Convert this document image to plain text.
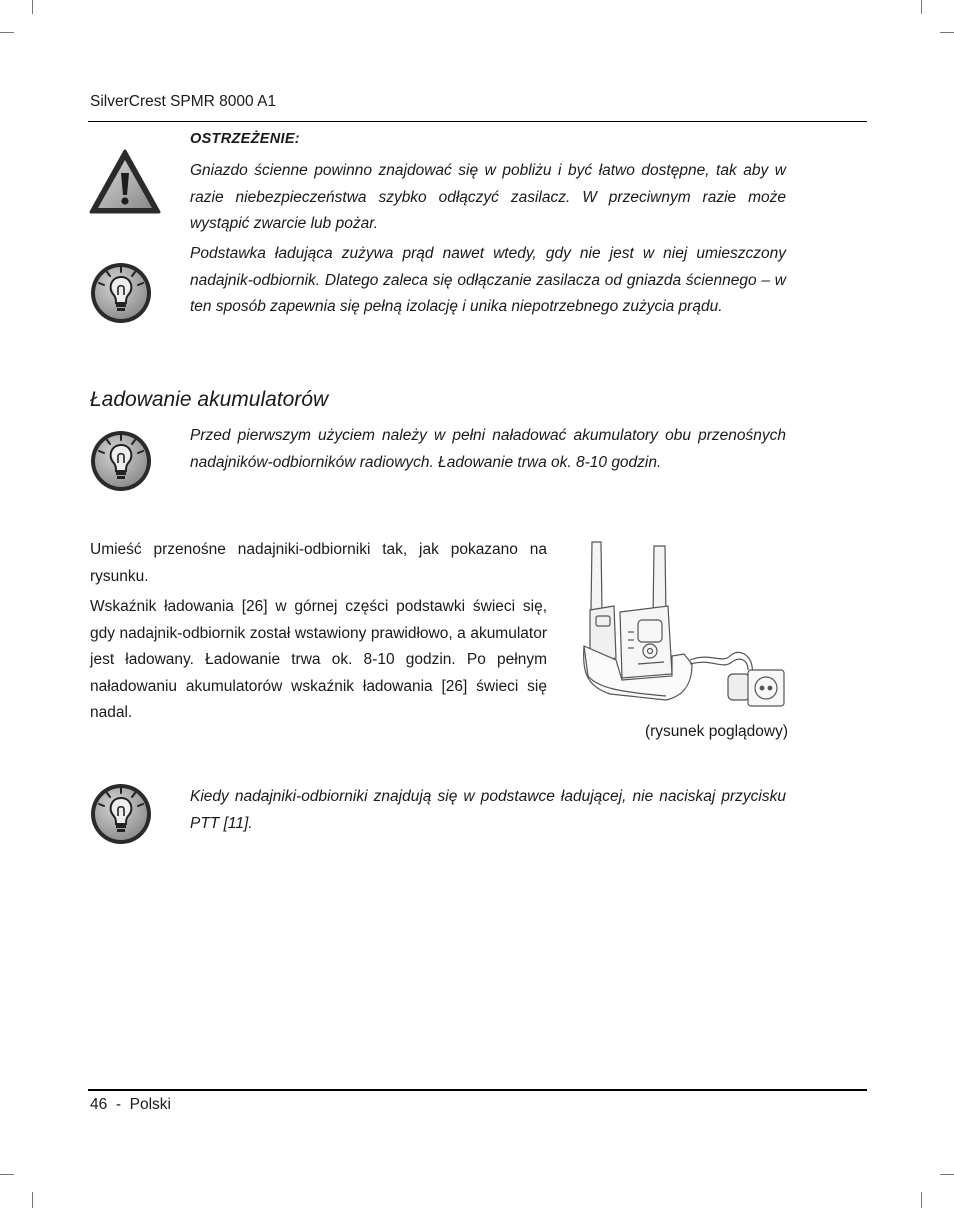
SilverCrest SPMR 8000 A1
OSTRZEŻENIE:
Gniazdo ścienne powinno znajdować się w pobliżu i być łatwo dostępne, tak aby w razie niebezpieczeństwa szybko odłączyć zasilacz. W przeciwnym razie może wystąpić zwarcie lub pożar.
Podstawka ładująca zużywa prąd nawet wtedy, gdy nie jest w niej umieszczony nadajnik-odbiornik. Dlatego zaleca się odłączanie zasilacza od gniazda ściennego – w ten sposób zapewnia się pełną izolację i unika niepotrzebnego zużycia prądu.
Ładowanie akumulatorów
Przed pierwszym użyciem należy w pełni naładować akumulatory obu przenośnych nadajników-odbiorników radiowych. Ładowanie trwa ok. 8-10 godzin.
Umieść przenośne nadajniki-odbiorniki tak, jak pokazano na rysunku.
Wskaźnik ładowania [26] w górnej części podstawki świeci się, gdy nadajnik-odbiornik został wstawiony prawidłowo, a akumulator jest ładowany. Ładowanie trwa ok. 8-10 godzin. Po pełnym naładowaniu akumulatorów wskaźnik ładowania [26] świeci się nadal.
(rysunek poglądowy)
Kiedy nadajniki-odbiorniki znajdują się w podstawce ładującej, nie naciskaj przycisku PTT [11].
46  -  Polski
